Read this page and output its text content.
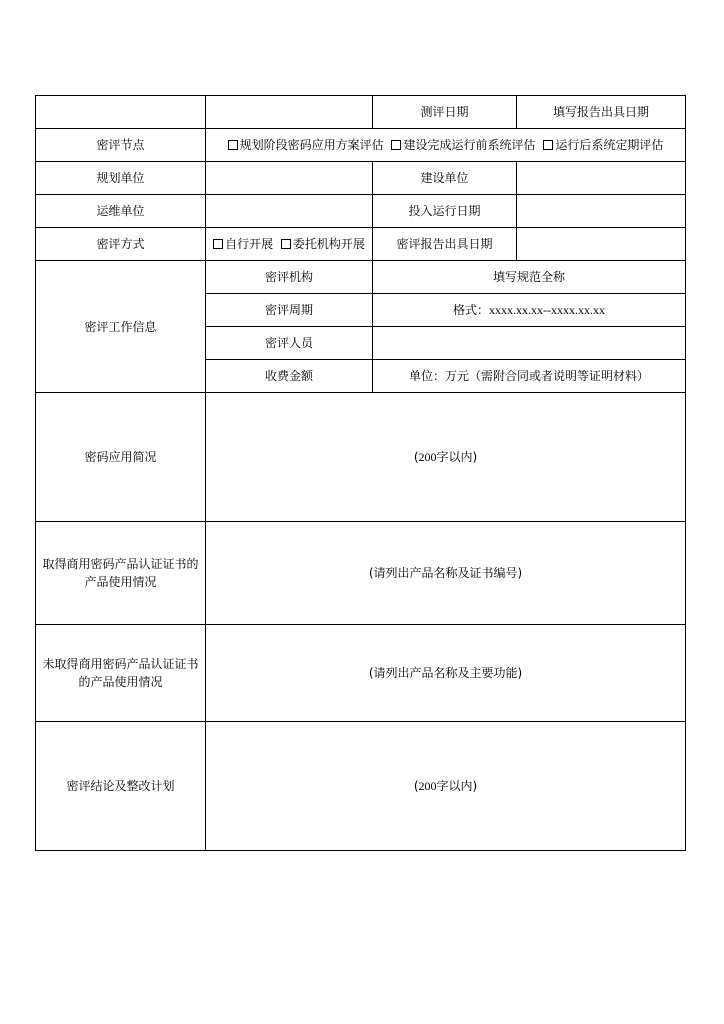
		测评日期	填写报告出具日期
密评节点	规划阶段密码应用方案评估 建设完成运行前系统评估 运行后系统定期评估		
规划单位		建设单位	
运维单位		投入运行日期	
密评方式	自行开展 委托机构开展	密评报告出具日期	
密评工作信息	密评机构	填写规范全称	
	密评周期	格式：xxxx.xx.xx--xxxx.xx.xx	
	密评人员		
	收费金额	单位：万元（需附合同或者说明等证明材料）	
密码应用简况	(200字以内)		
取得商用密码产品认证证书的产品使用情况	(请列出产品名称及证书编号)		
未取得商用密码产品认证证书的产品使用情况	(请列出产品名称及主要功能)		
密评结论及整改计划	(200字以内)		
